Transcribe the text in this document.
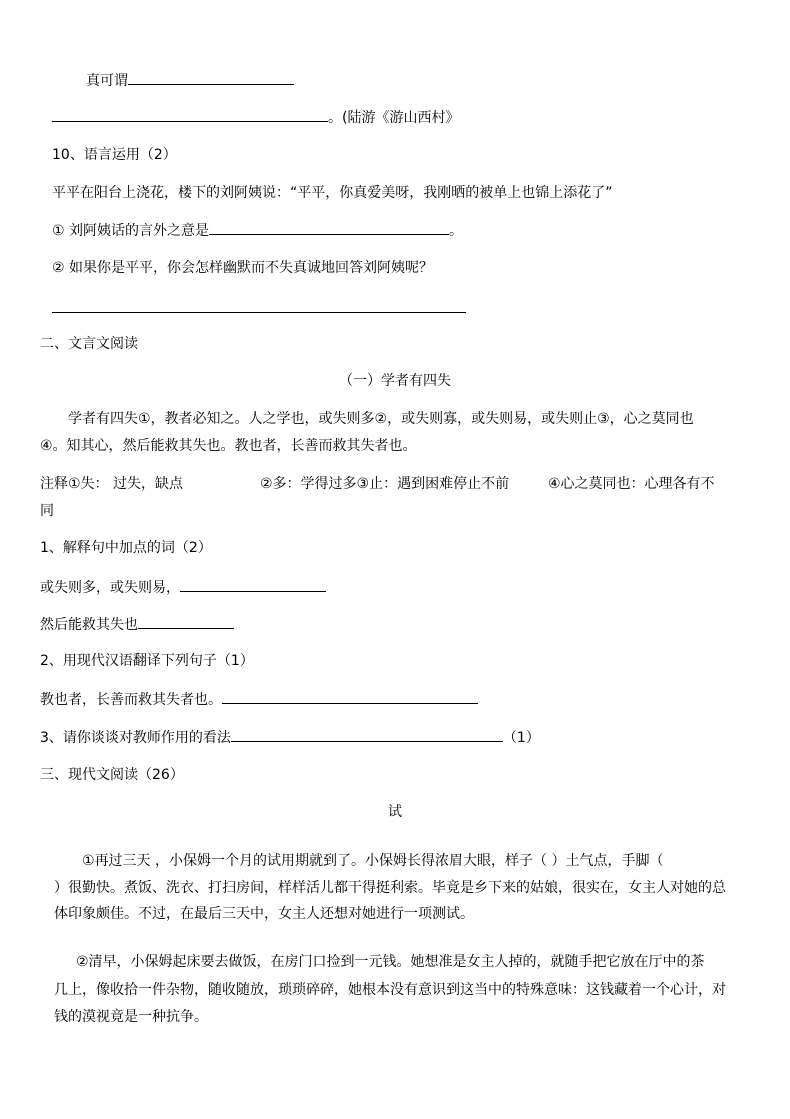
真可谓
。(陆游《游山西村》
10、语言运用（2）
平平在阳台上浇花，楼下的刘阿姨说：“平平，你真爱美呀，我刚晒的被单上也锦上添花了”
① 刘阿姨话的言外之意是	。
② 如果你是平平，你会怎样幽默而不失真诚地回答刘阿姨呢？
二、文言文阅读
（一）学者有四失
学者有四失①，教者必知之。人之学也，或失则多②，或失则寡，或失则易，或失则止③，心之莫同也
④。知其心，然后能救其失也。教也者，长善而救其失者也。
注释①失： 过失，缺点	②多：学得过多③止：遇到困难停止不前	④心之莫同也：心理各有不
同
1、解释句中加点的词（2）
或失则多，或失则易，
然后能救其失也
2、用现代汉语翻译下列句子（1）
教也者，长善而救其失者也。
3、请你谈谈对教师作用的看法	（1）
三、现代文阅读（26）
试
①再过三天 ，小保姆一个月的试用期就到了。小保姆长得浓眉大眼，样子（ ）土气点，手脚（
）很勤快。煮饭、洗衣、打扫房间，样样活儿都干得挺利索。毕竟是乡下来的姑娘，很实在，女主人对她的总
体印象颇佳。不过，在最后三天中，女主人还想对她进行一项测试。
②清早，小保姆起床要去做饭，在房门口捡到一元钱。她想准是女主人掉的，就随手把它放在厅中的茶
几上，像收拾一件杂物，随收随放，琐琐碎碎，她根本没有意识到这当中的特殊意味：这钱藏着一个心计，对
钱的漠视竟是一种抗争。
